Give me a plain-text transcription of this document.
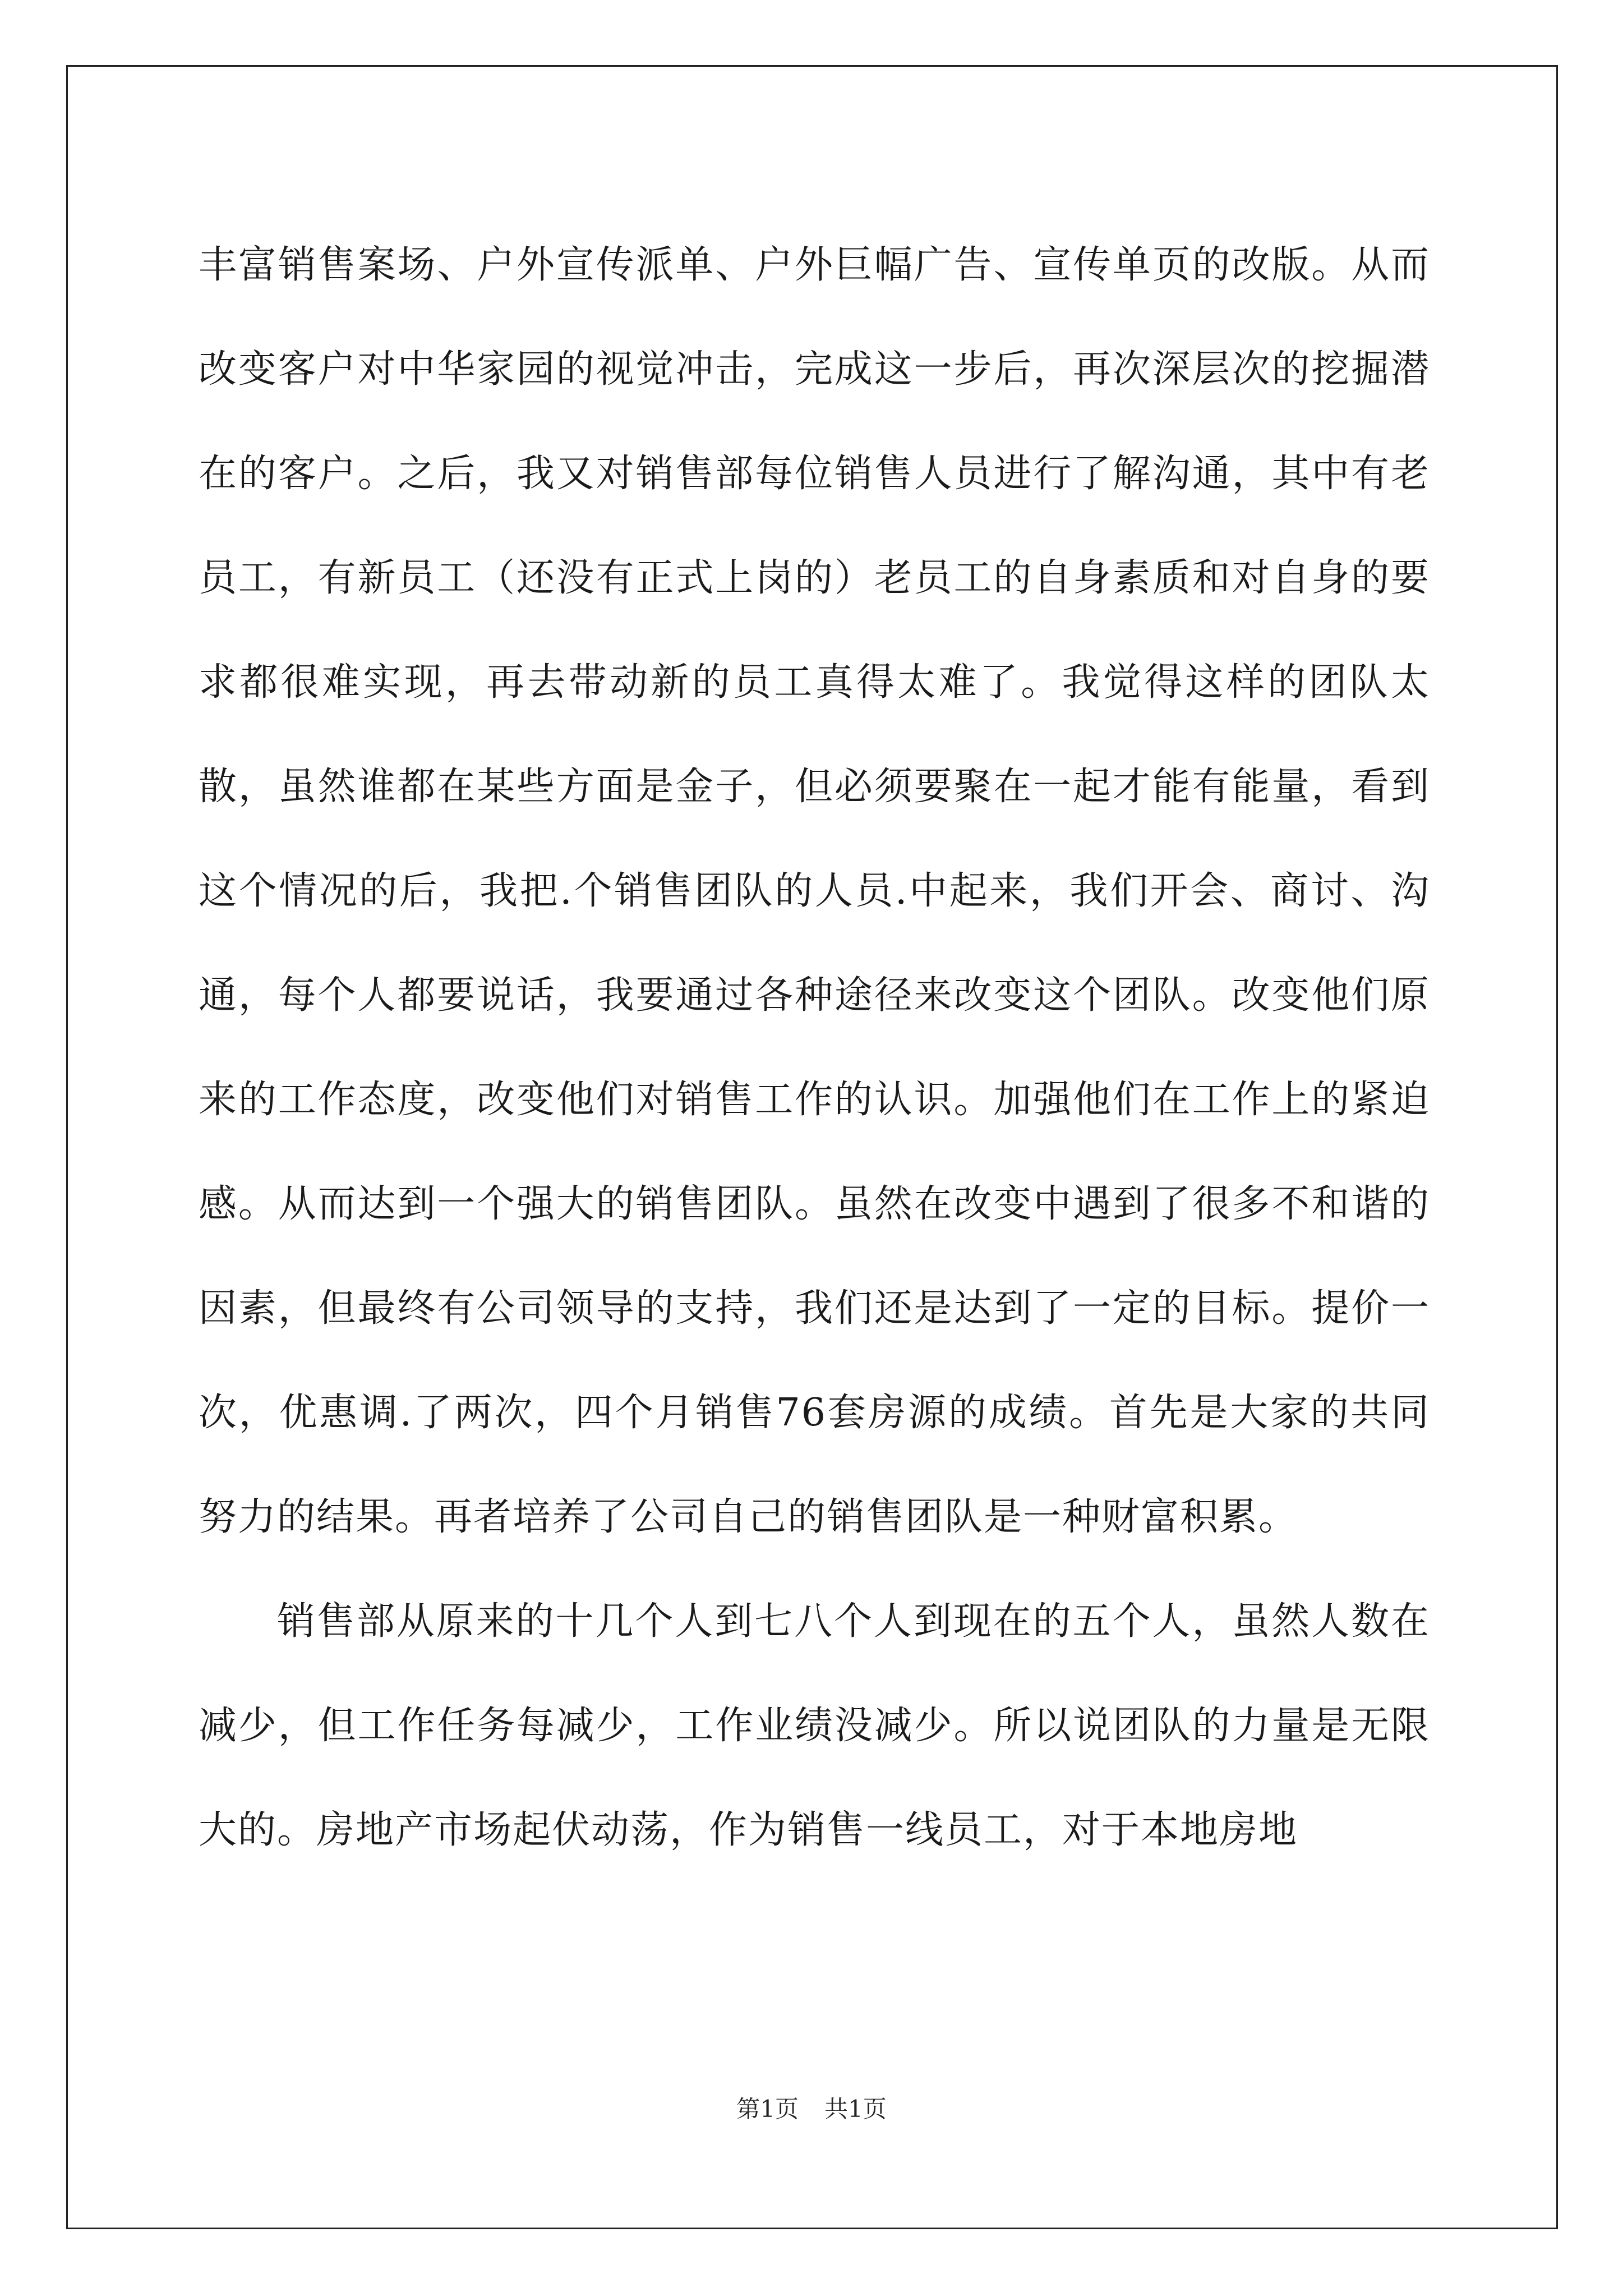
丰富销售案场、户外宣传派单、户外巨幅广告、宣传单页的改版。从而改变客户对中华家园的视觉冲击，完成这一步后，再次深层次的挖掘潜在的客户。之后，我又对销售部每位销售人员进行了解沟通，其中有老员工，有新员工（还没有正式上岗的）老员工的自身素质和对自身的要求都很难实现，再去带动新的员工真得太难了。我觉得这样的团队太散，虽然谁都在某些方面是金子，但必须要聚在一起才能有能量，看到这个情况的后，我把.个销售团队的人员.中起来，我们开会、商讨、沟通，每个人都要说话，我要通过各种途径来改变这个团队。改变他们原来的工作态度，改变他们对销售工作的认识。加强他们在工作上的紧迫感。从而达到一个强大的销售团队。虽然在改变中遇到了很多不和谐的因素，但最终有公司领导的支持，我们还是达到了一定的目标。提价一次，优惠调.了两次，四个月销售76套房源的成绩。首先是大家的共同努力的结果。再者培养了公司自己的销售团队是一种财富积累。

销售部从原来的十几个人到七八个人到现在的五个人，虽然人数在减少，但工作任务每减少，工作业绩没减少。所以说团队的力量是无限大的。房地产市场起伏动荡，作为销售一线员工，对于本地房地

第1页 共1页
